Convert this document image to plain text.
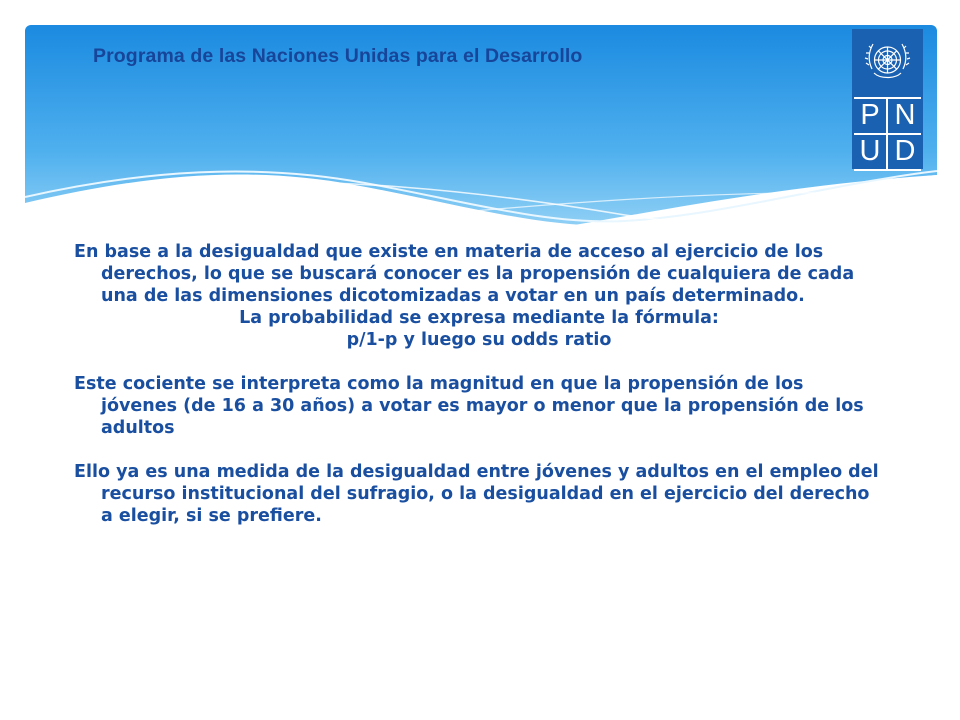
Programa de las Naciones Unidas para el Desarrollo
P N
U D

En base a la desigualdad que existe en materia de acceso al ejercicio de los derechos, lo que se buscará conocer es la propensión de cualquiera de cada una de las dimensiones dicotomizadas a votar en un país determinado.

La probabilidad se expresa mediante la fórmula:

p/1-p y luego su odds ratio

Este cociente se interpreta como la magnitud en que la propensión de los jóvenes (de 16 a 30 años) a votar es mayor o menor que la propensión de los adultos

Ello ya es una medida de la desigualdad entre jóvenes y adultos en el empleo del recurso institucional del sufragio, o la desigualdad en el ejercicio del derecho a elegir, si se prefiere.
